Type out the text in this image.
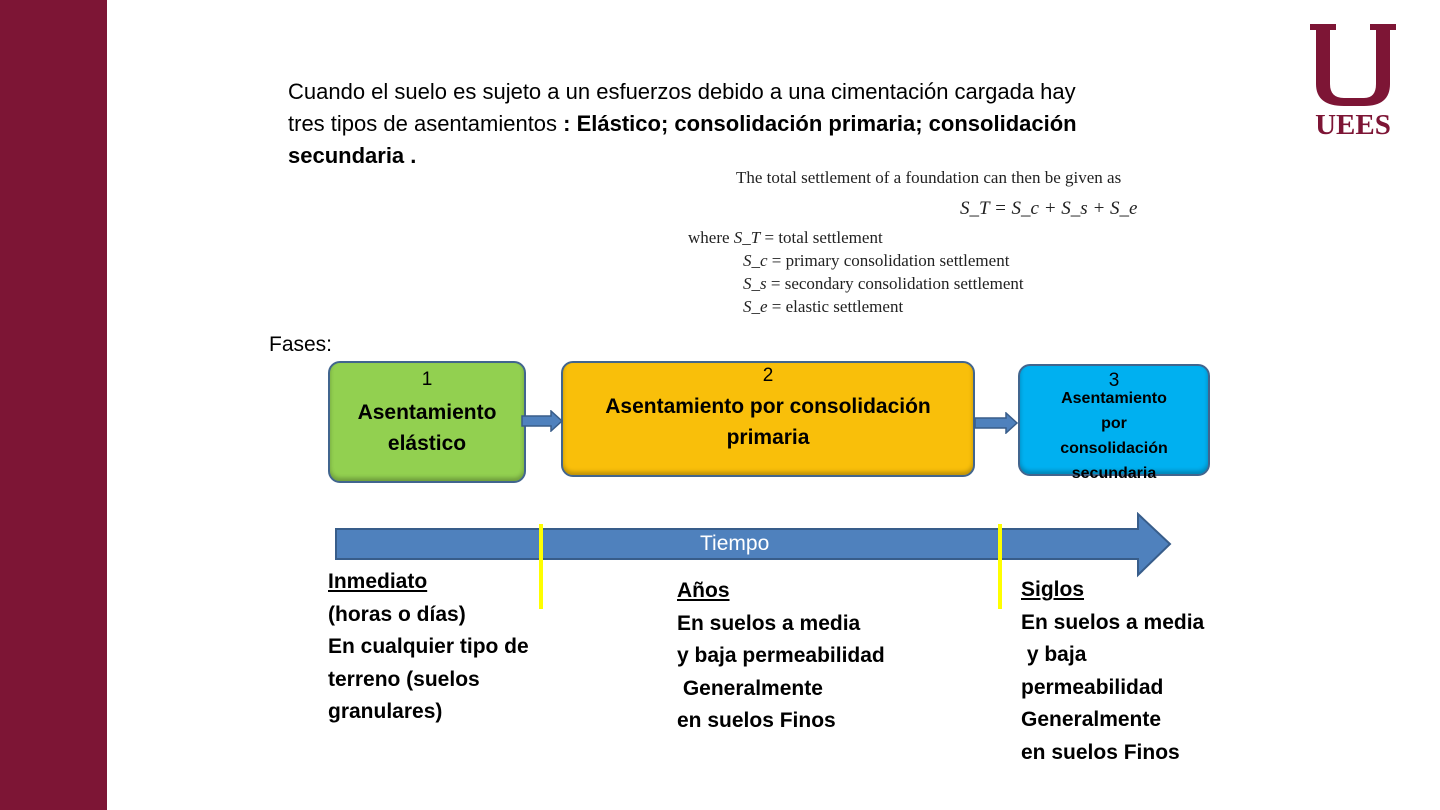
UEES
Cuando el suelo es sujeto a un esfuerzos debido a una cimentación cargada hay
tres tipos de asentamientos : Elástico; consolidación primaria; consolidación
secundaria .
The total settlement of a foundation can then be given as
S_T = S_c + S_s + S_e
where S_T = total settlement
S_c = primary consolidation settlement
S_s = secondary consolidation settlement
S_e = elastic settlement
Fases:
1
Asentamiento
elástico
2
Asentamiento por consolidación
primaria
3
Asentamiento
por
consolidación
secundaria
Tiempo
Inmediato
(horas o días)
En cualquier tipo de
terreno (suelos
granulares)
Años
En suelos a media
y baja permeabilidad
Generalmente
en suelos Finos
Siglos
En suelos a media
y baja
permeabilidad
Generalmente
en suelos Finos
